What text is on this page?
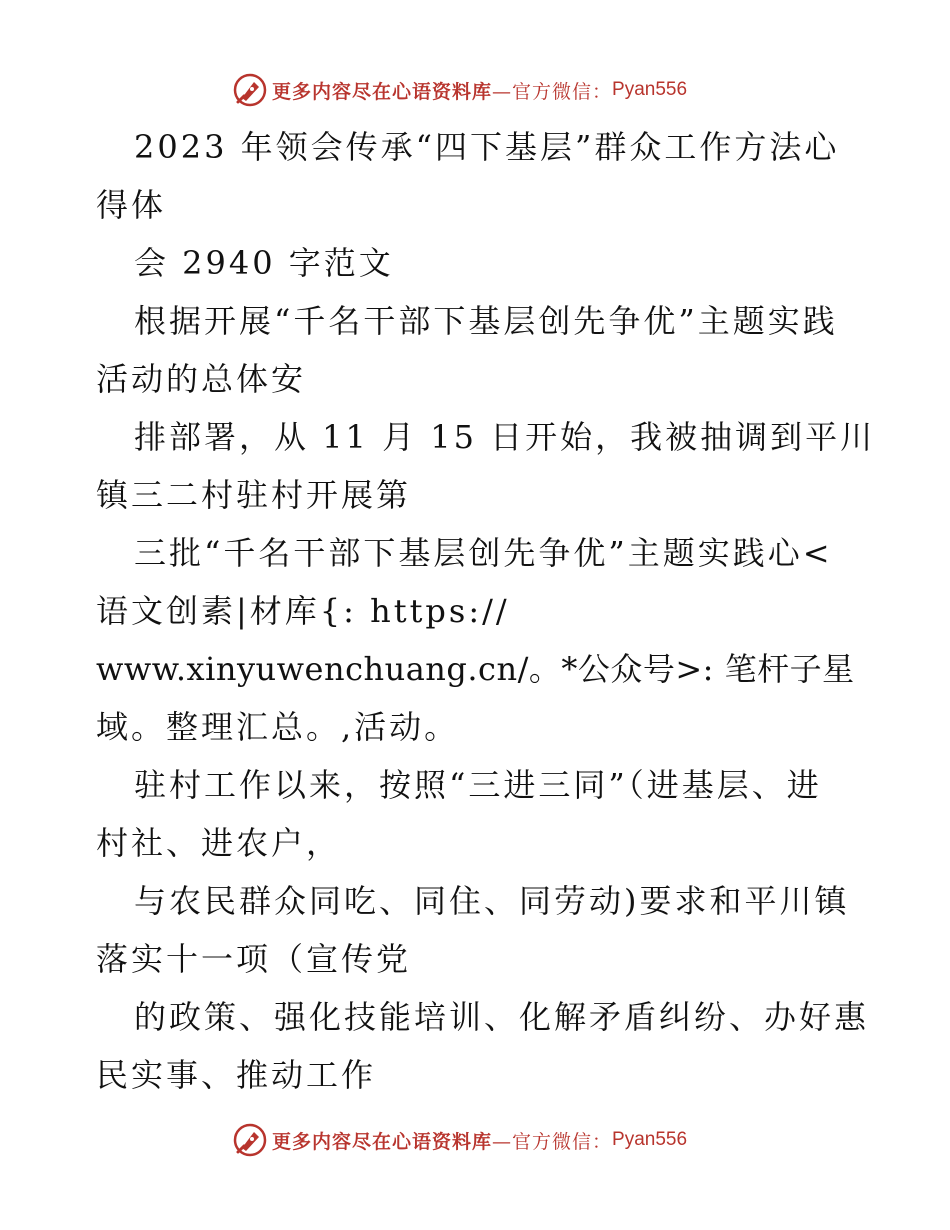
更多内容尽在心语资料库 —官方微信： Pyan556

2023 年领会传承“四下基层”群众工作方法心

得体

会 2940 字范文

根据开展“千名干部下基层创先争优”主题实践

活动的总体安

排部署，从 11 月 15 日开始，我被抽调到平川

镇三二村驻村开展第

三批“千名干部下基层创先争优”主题实践心<

语文创素|材库{: https://

www.xinyuwenchuang.cn/。*公众号>: 笔杆子星

域。整理汇总。,活动。

驻村工作以来，按照“三进三同”（进基层、进

村社、进农户，

与农民群众同吃、同住、同劳动)要求和平川镇

落实十一项（宣传党

的政策、强化技能培训、化解矛盾纠纷、办好惠

民实事、推动工作

更多内容尽在心语资料库 —官方微信： Pyan556
